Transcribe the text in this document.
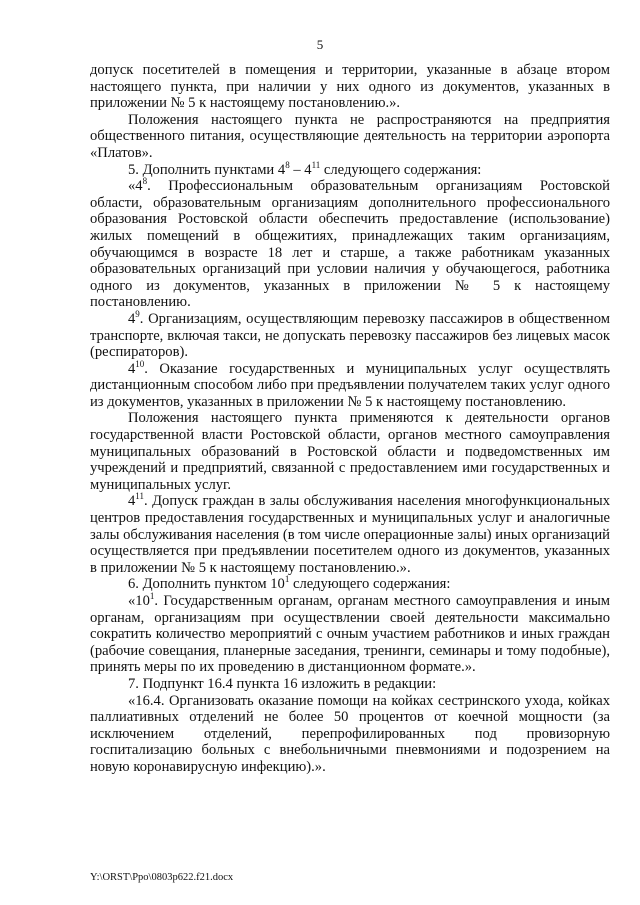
5

допуск посетителей в помещения и территории, указанные в абзаце втором настоящего пункта, при наличии у них одного из документов, указанных в приложении № 5 к настоящему постановлению.».

Положения настоящего пункта не распространяются на предприятия общественного питания, осуществляющие деятельность на территории аэропорта «Платов».

5. Дополнить пунктами $4^8 - 4^{11}$ следующего содержания:

«$4^8$. Профессиональным образовательным организациям Ростовской области, образовательным организациям дополнительного профессионального образования Ростовской области обеспечить предоставление (использование) жилых помещений в общежитиях, принадлежащих таким организациям, обучающимся в возрасте 18 лет и старше, а также работникам указанных образовательных организаций при условии наличия у обучающегося, работника одного из документов, указанных в приложении № 5 к настоящему постановлению.

$4^9$. Организациям, осуществляющим перевозку пассажиров в общественном транспорте, включая такси, не допускать перевозку пассажиров без лицевых масок (респираторов).

$4^{10}$. Оказание государственных и муниципальных услуг осуществлять дистанционным способом либо при предъявлении получателем таких услуг одного из документов, указанных в приложении № 5 к настоящему постановлению.

Положения настоящего пункта применяются к деятельности органов государственной власти Ростовской области, органов местного самоуправления муниципальных образований в Ростовской области и подведомственных им учреждений и предприятий, связанной с предоставлением ими государственных и муниципальных услуг.

$4^{11}$. Допуск граждан в залы обслуживания населения многофункциональных центров предоставления государственных и муниципальных услуг и аналогичные залы обслуживания населения (в том числе операционные залы) иных организаций осуществляется при предъявлении посетителем одного из документов, указанных в приложении № 5 к настоящему постановлению.».

6. Дополнить пунктом $10^1$ следующего содержания:

«$10^1$. Государственным органам, органам местного самоуправления и иным органам, организациям при осуществлении своей деятельности максимально сократить количество мероприятий с очным участием работников и иных граждан (рабочие совещания, планерные заседания, тренинги, семинары и тому подобные), принять меры по их проведению в дистанционном формате.».

7. Подпункт 16.4 пункта 16 изложить в редакции:

«16.4. Организовать оказание помощи на койках сестринского ухода, койках паллиативных отделений не более 50 процентов от коечной мощности (за исключением отделений, перепрофилированных под провизорную госпитализацию больных с внебольничными пневмониями и подозрением на новую коронавирусную инфекцию).».

Y:\ORST\Ppo\0803p622.f21.docx
